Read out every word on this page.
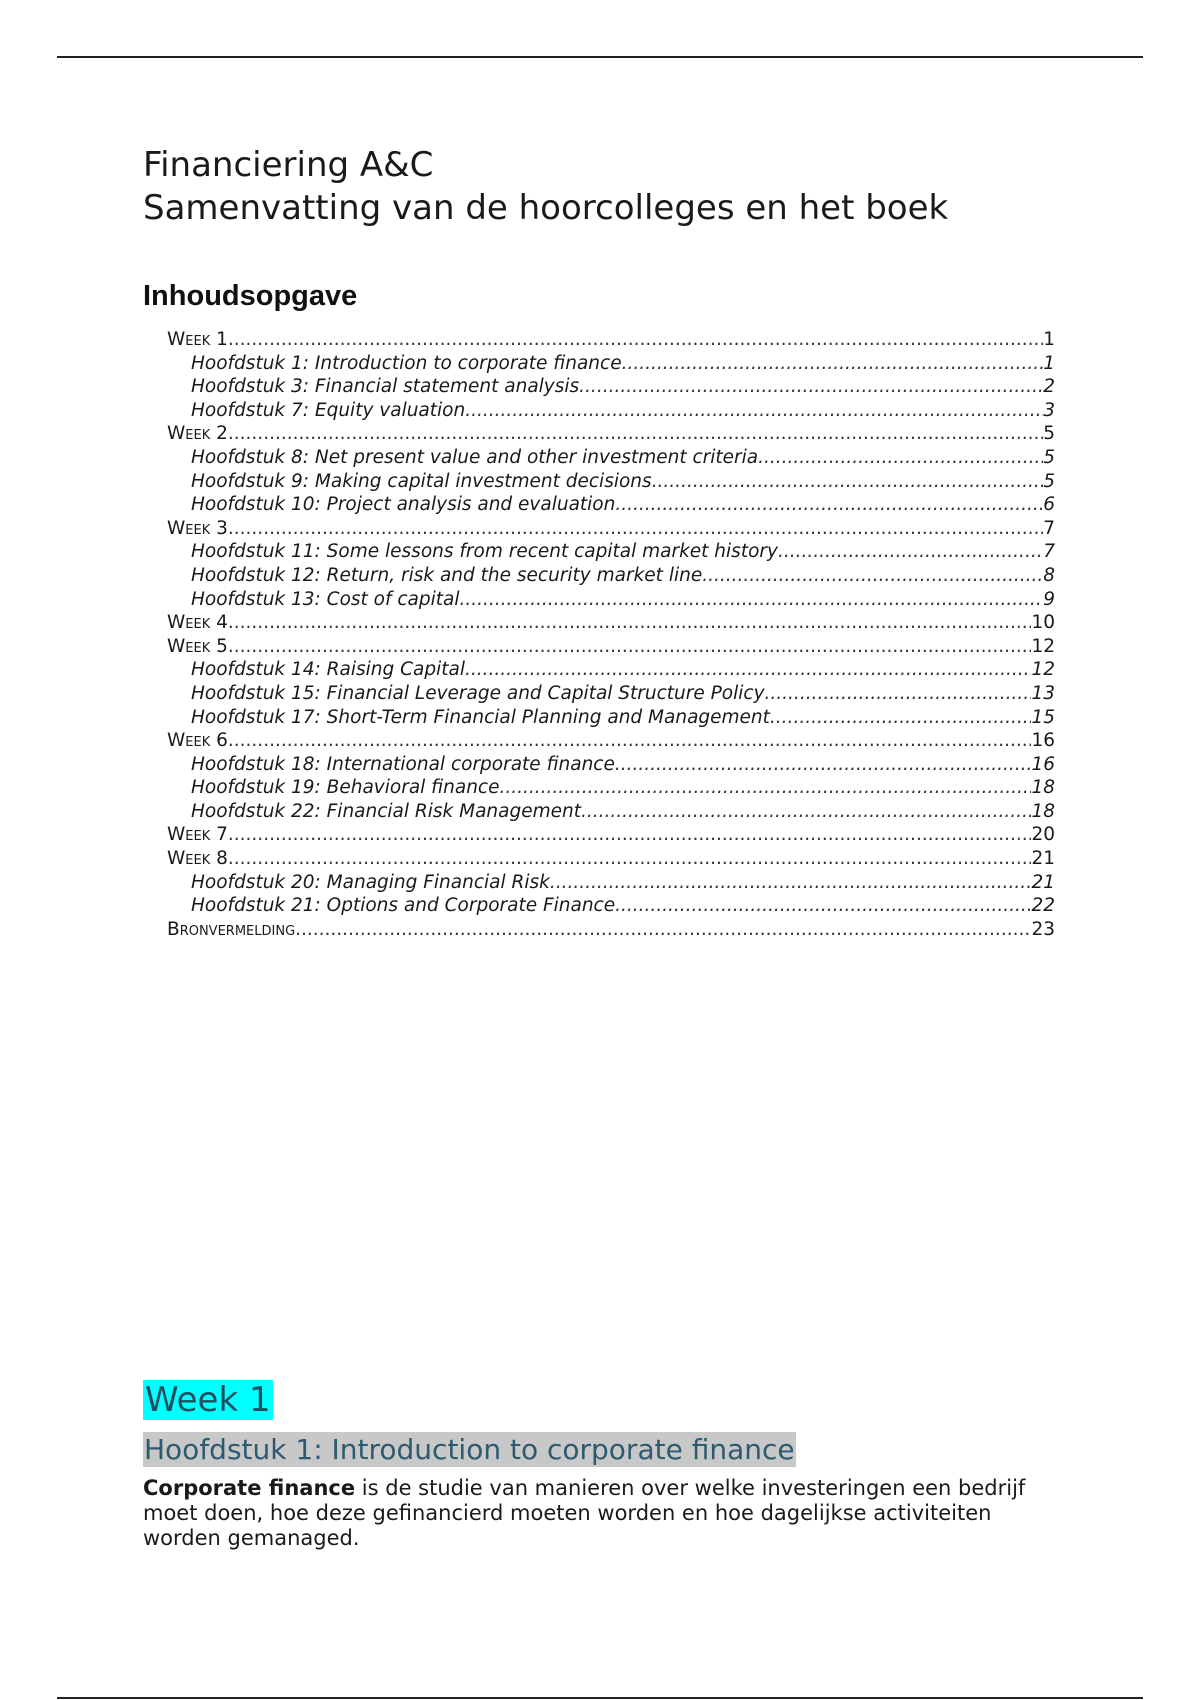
Financiering A&C
Samenvatting van de hoorcolleges en het boek
Inhoudsopgave
Week 1 .....	1
Hoofdstuk 1: Introduction to corporate finance .....	1
Hoofdstuk 3: Financial statement analysis .....	2
Hoofdstuk 7: Equity valuation .....	3
Week 2 .....	5
Hoofdstuk 8: Net present value and other investment criteria .....	5
Hoofdstuk 9: Making capital investment decisions .....	5
Hoofdstuk 10: Project analysis and evaluation .....	6
Week 3 .....	7
Hoofdstuk 11: Some lessons from recent capital market history .....	7
Hoofdstuk 12: Return, risk and the security market line .....	8
Hoofdstuk 13: Cost of capital .....	9
Week 4 .....	10
Week 5 .....	12
Hoofdstuk 14: Raising Capital .....	12
Hoofdstuk 15: Financial Leverage and Capital Structure Policy .....	13
Hoofdstuk 17: Short-Term Financial Planning and Management .....	15
Week 6 .....	16
Hoofdstuk 18: International corporate finance .....	16
Hoofdstuk 19: Behavioral finance .....	18
Hoofdstuk 22: Financial Risk Management .....	18
Week 7 .....	20
Week 8 .....	21
Hoofdstuk 20: Managing Financial Risk .....	21
Hoofdstuk 21: Options and Corporate Finance .....	22
Bronvermelding .....	23
Week 1
Hoofdstuk 1: Introduction to corporate finance
Corporate finance is de studie van manieren over welke investeringen een bedrijf moet doen, hoe deze gefinancierd moeten worden en hoe dagelijkse activiteiten worden gemanaged.
